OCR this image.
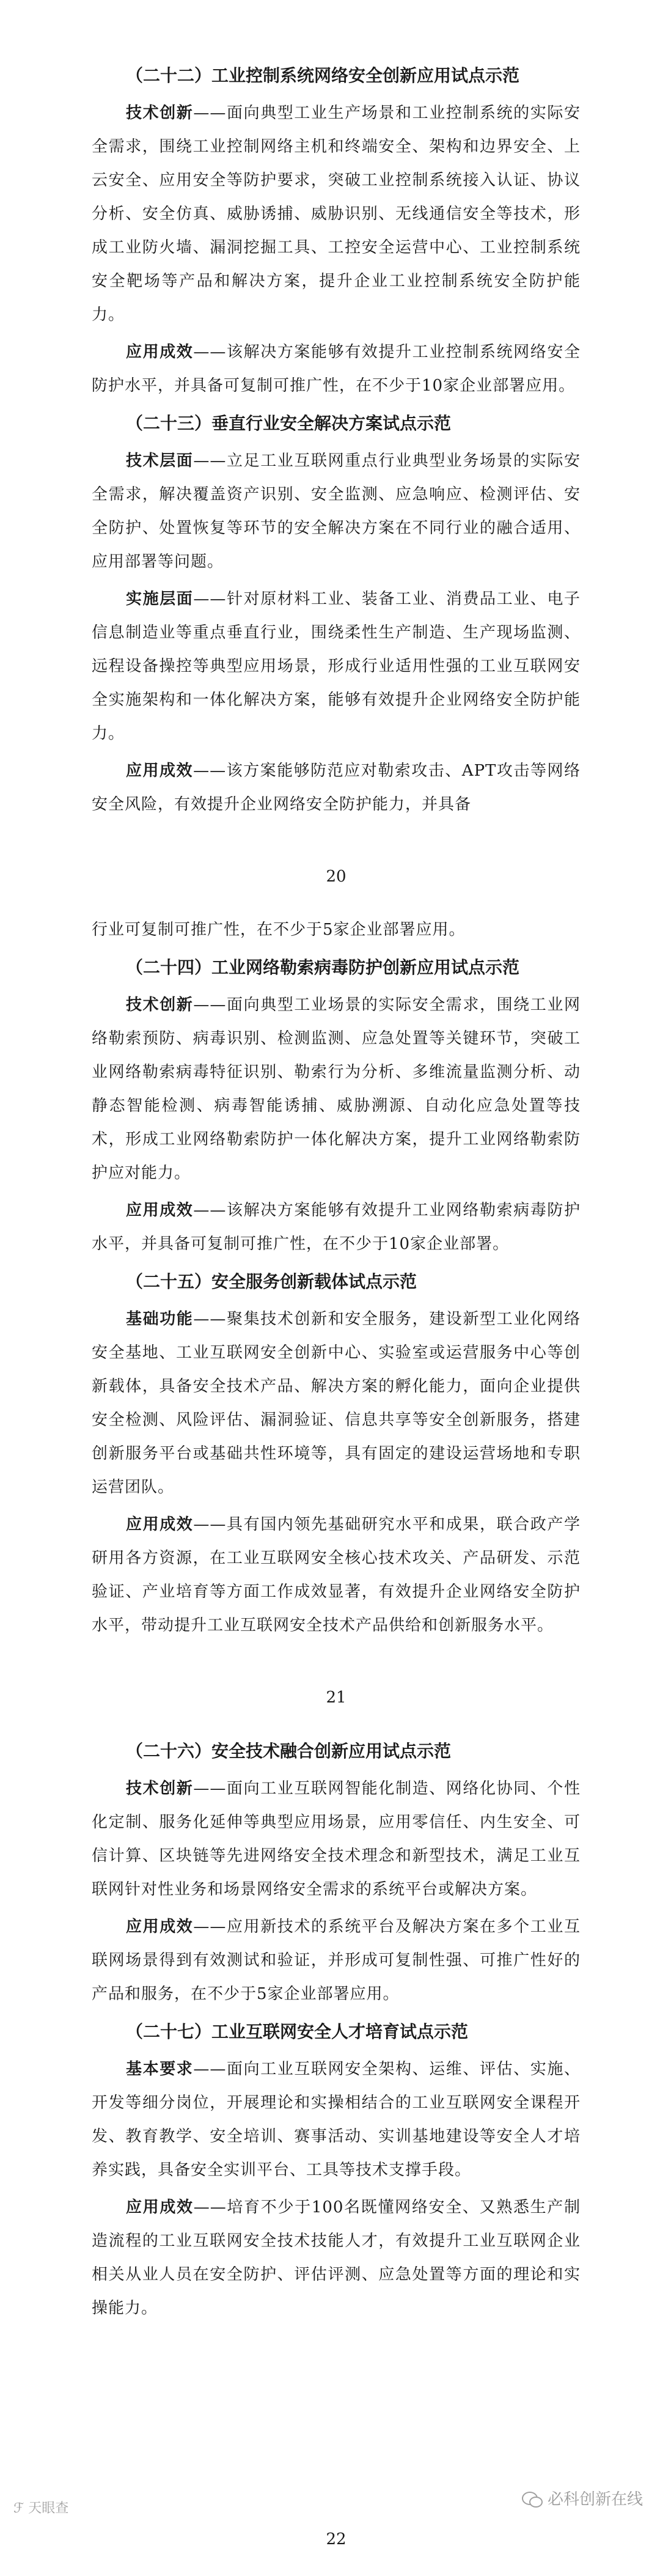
（二十二）工业控制系统网络安全创新应用试点示范

技术创新——面向典型工业生产场景和工业控制系统的实际安全需求，围绕工业控制网络主机和终端安全、架构和边界安全、上云安全、应用安全等防护要求，突破工业控制系统接入认证、协议分析、安全仿真、威胁诱捕、威胁识别、无线通信安全等技术，形成工业防火墙、漏洞挖掘工具、工控安全运营中心、工业控制系统安全靶场等产品和解决方案，提升企业工业控制系统安全防护能力。

应用成效——该解决方案能够有效提升工业控制系统网络安全防护水平，并具备可复制可推广性，在不少于10家企业部署应用。

（二十三）垂直行业安全解决方案试点示范

技术层面——立足工业互联网重点行业典型业务场景的实际安全需求，解决覆盖资产识别、安全监测、应急响应、检测评估、安全防护、处置恢复等环节的安全解决方案在不同行业的融合适用、应用部署等问题。

实施层面——针对原材料工业、装备工业、消费品工业、电子信息制造业等重点垂直行业，围绕柔性生产制造、生产现场监测、远程设备操控等典型应用场景，形成行业适用性强的工业互联网安全实施架构和一体化解决方案，能够有效提升企业网络安全防护能力。

应用成效——该方案能够防范应对勒索攻击、APT攻击等网络安全风险，有效提升企业网络安全防护能力，并具备

20

行业可复制可推广性，在不少于5家企业部署应用。

（二十四）工业网络勒索病毒防护创新应用试点示范

技术创新——面向典型工业场景的实际安全需求，围绕工业网络勒索预防、病毒识别、检测监测、应急处置等关键环节，突破工业网络勒索病毒特征识别、勒索行为分析、多维流量监测分析、动静态智能检测、病毒智能诱捕、威胁溯源、自动化应急处置等技术，形成工业网络勒索防护一体化解决方案，提升工业网络勒索防护应对能力。

应用成效——该解决方案能够有效提升工业网络勒索病毒防护水平，并具备可复制可推广性，在不少于10家企业部署。

（二十五）安全服务创新载体试点示范

基础功能——聚集技术创新和安全服务，建设新型工业化网络安全基地、工业互联网安全创新中心、实验室或运营服务中心等创新载体，具备安全技术产品、解决方案的孵化能力，面向企业提供安全检测、风险评估、漏洞验证、信息共享等安全创新服务，搭建创新服务平台或基础共性环境等，具有固定的建设运营场地和专职运营团队。

应用成效——具有国内领先基础研究水平和成果，联合政产学研用各方资源，在工业互联网安全核心技术攻关、产品研发、示范验证、产业培育等方面工作成效显著，有效提升企业网络安全防护水平，带动提升工业互联网安全技术产品供给和创新服务水平。

21
（二十六）安全技术融合创新应用试点示范

技术创新——面向工业互联网智能化制造、网络化协同、个性化定制、服务化延伸等典型应用场景，应用零信任、内生安全、可信计算、区块链等先进网络安全技术理念和新型技术，满足工业互联网针对性业务和场景网络安全需求的系统平台或解决方案。

应用成效——应用新技术的系统平台及解决方案在多个工业互联网场景得到有效测试和验证，并形成可复制性强、可推广性好的产品和服务，在不少于5家企业部署应用。

（二十七）工业互联网安全人才培育试点示范

基本要求——面向工业互联网安全架构、运维、评估、实施、开发等细分岗位，开展理论和实操相结合的工业互联网安全课程开发、教育教学、安全培训、赛事活动、实训基地建设等安全人才培养实践，具备安全实训平台、工具等技术支撑手段。

应用成效——培育不少于100名既懂网络安全、又熟悉生产制造流程的工业互联网安全技术技能人才，有效提升工业互联网企业相关从业人员在安全防护、评估评测、应急处置等方面的理论和实操能力。

22
ℱ 天眼查	必科创新在线
